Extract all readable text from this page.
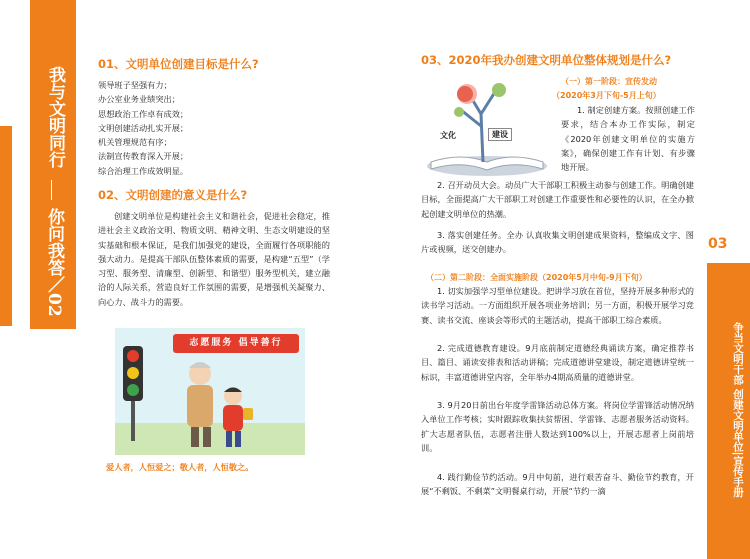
我与文明同行
你问我答／02
01、文明单位创建目标是什么?
领导班子坚强有力；
办公室业务业绩突出；
思想政治工作卓有成效；
文明创建活动扎实开展；
机关管理规范有序；
法制宣传教育深入开展；
综合治理工作成效明显。
02、文明创建的意义是什么?
创建文明单位是构建社会主义和谐社会，促进社会稳定，推进社会主义政治文明、物质文明、精神文明、生态文明建设的坚实基础和根本保证，是我们加强党的建设，全面履行各项职能的强大动力。是提高干部队伍整体素质的需要，是构建“五型”（学习型、服务型、清廉型、创新型、和谐型）服务型机关，建立融洽的人际关系，营造良好工作氛围的需要，是增强机关凝聚力、向心力、战斗力的需要。
志愿服务 倡导善行
爱人者，人恒爱之；敬人者，人恒敬之。
03、2020年我办创建文明单位整体规划是什么?
文化	建设
（一）第一阶段：宣传发动
（2020年3月下旬-5月上旬）
1. 制定创建方案。按照创建工作要求，结合本办工作实际，制定《2020年创建文明单位的实施方案》，确保创建工作有计划、有步骤地开展。
2. 召开动员大会。动员广大干部职工积极主动参与创建工作。明确创建目标，全面提高广大干部职工对创建工作重要性和必要性的认识，在全办掀起创建文明单位的热潮。
3. 落实创建任务。全办 认真收集文明创建成果资料，整编成文字、图片或视频，送交创建办。
（二）第二阶段：全面实施阶段（2020年5月中旬-9月下旬）
1. 切实加强学习型单位建设。把讲学习放在首位，坚持开展多种形式的读书学习活动。一方面组织开展各项业务培训；另一方面，积极开展学习竞赛、读书交流、座谈会等形式的主题活动，提高干部职工综合素质。
2. 完成道德教育建设。9月底前制定道德经典诵读方案，确定推荐书目、篇目、诵读安排表和活动讲稿；完成道德讲堂建设，制定道德讲堂统一标识，丰富道德讲堂内容，全年举办4期高质量的道德讲堂。
3. 9月20日前出台年度学雷锋活动总体方案。将岗位学雷锋活动情况纳入单位工作考核；实时跟踪收集扶贫帮困、学雷锋、志愿者服务活动资料。扩大志愿者队伍，志愿者注册人数达到100%以上，开展志愿者上岗前培训。
4. 践行勤俭节约活动。9月中旬前，进行艰苦奋斗、勤俭节约教育，开展“不剩饭、不剩菜”文明餐桌行动，开展“节约一滴
03
争当文明干部 创建文明单位|宣传手册
